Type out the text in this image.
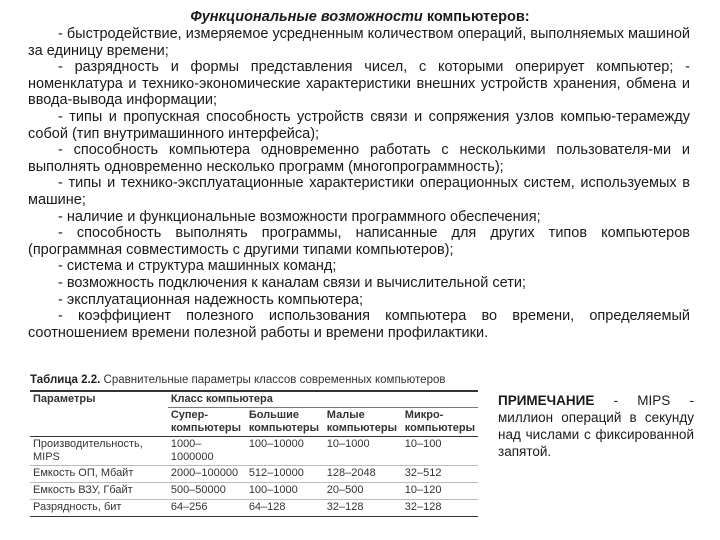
Функциональные возможности компьютеров:

- быстродействие, измеряемое усредненным количеством операций, выполняемых машиной за единицу времени;

- разрядность и формы представления чисел, с которыми оперирует компьютер; - номенклатура и технико-экономические характеристики внешних устройств хранения, обмена и ввода-вывода информации;

- типы и пропускная способность устройств связи и сопряжения узлов компью-терамежду собой (тип внутримашинного интерфейса);

- способность компьютера одновременно работать с несколькими пользователя-ми и выполнять одновременно несколько программ (многопрограммность);

- типы и технико-эксплуатационные характеристики операционных систем, используемых в машине;

- наличие и функциональные возможности программного обеспечения;

- способность выполнять программы, написанные для других типов компьютеров (программная совместимость с другими типами компьютеров);

- система и структура машинных команд;

- возможность подключения к каналам связи и вычислительной сети;

- эксплуатационная надежность компьютера;

- коэффициент полезного использования компьютера во времени, определяемый соотношением времени полезной работы и времени профилактики.

Таблица 2.2. Сравнительные параметры классов современных компьютеров
Параметры	Класс компьютера			
	Супер-компьютеры	Большие компьютеры	Малые компьютеры	Микро-компьютеры
Производительность, MIPS	1000–1000000	100–10000	10–1000	10–100
Емкость ОП, Мбайт	2000–100000	512–10000	128–2048	32–512
Емкость ВЗУ, Гбайт	500–50000	100–1000	20–500	10–120
Разрядность, бит	64–256	64–128	32–128	32–128
ПРИМЕЧАНИЕ - MIPS - миллион операций в секунду над числами с фиксированной запятой.
